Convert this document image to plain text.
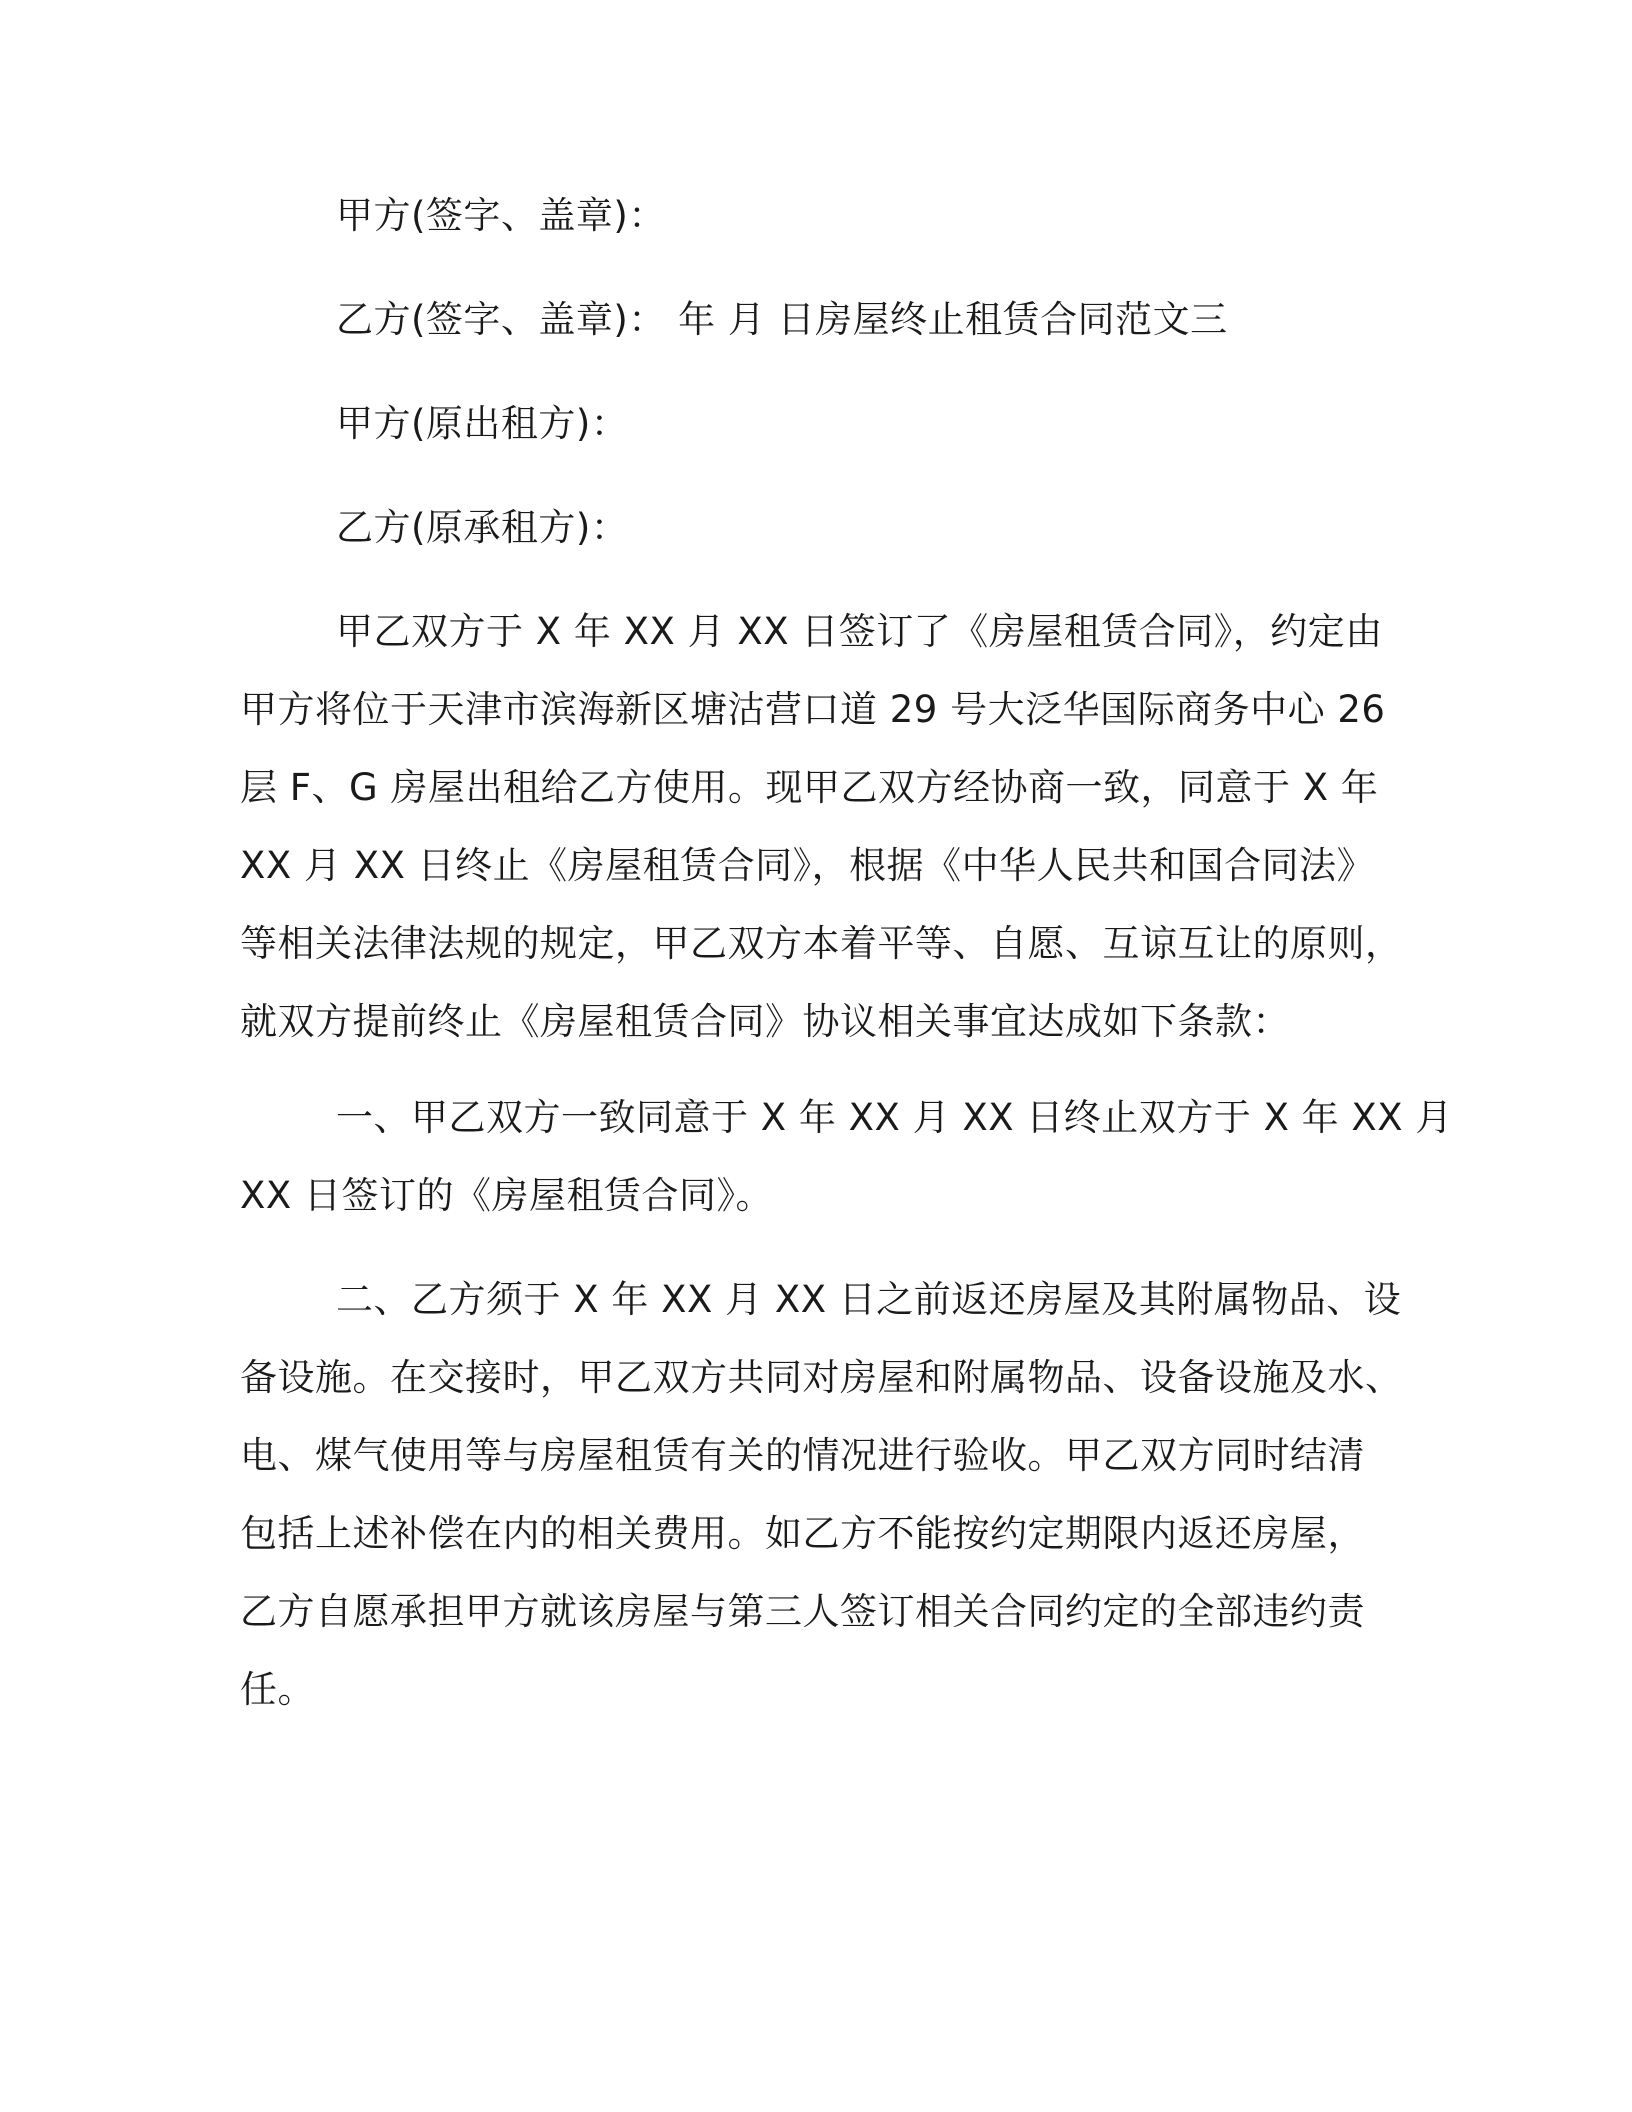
甲方(签字、盖章)：
乙方(签字、盖章)： 年 月 日房屋终止租赁合同范文三
甲方(原出租方)：
乙方(原承租方)：
甲乙双方于 X 年 XX 月 XX 日签订了《房屋租赁合同》，约定由
甲方将位于天津市滨海新区塘沽营口道 29 号大泛华国际商务中心 26
层 F、G 房屋出租给乙方使用。现甲乙双方经协商一致，同意于 X 年
XX 月 XX 日终止《房屋租赁合同》，根据《中华人民共和国合同法》
等相关法律法规的规定，甲乙双方本着平等、自愿、互谅互让的原则，
就双方提前终止《房屋租赁合同》协议相关事宜达成如下条款：
一、甲乙双方一致同意于 X 年 XX 月 XX 日终止双方于 X 年 XX 月
XX 日签订的《房屋租赁合同》。
二、乙方须于 X 年 XX 月 XX 日之前返还房屋及其附属物品、设
备设施。在交接时，甲乙双方共同对房屋和附属物品、设备设施及水、
电、煤气使用等与房屋租赁有关的情况进行验收。甲乙双方同时结清
包括上述补偿在内的相关费用。如乙方不能按约定期限内返还房屋，
乙方自愿承担甲方就该房屋与第三人签订相关合同约定的全部违约责
任。
